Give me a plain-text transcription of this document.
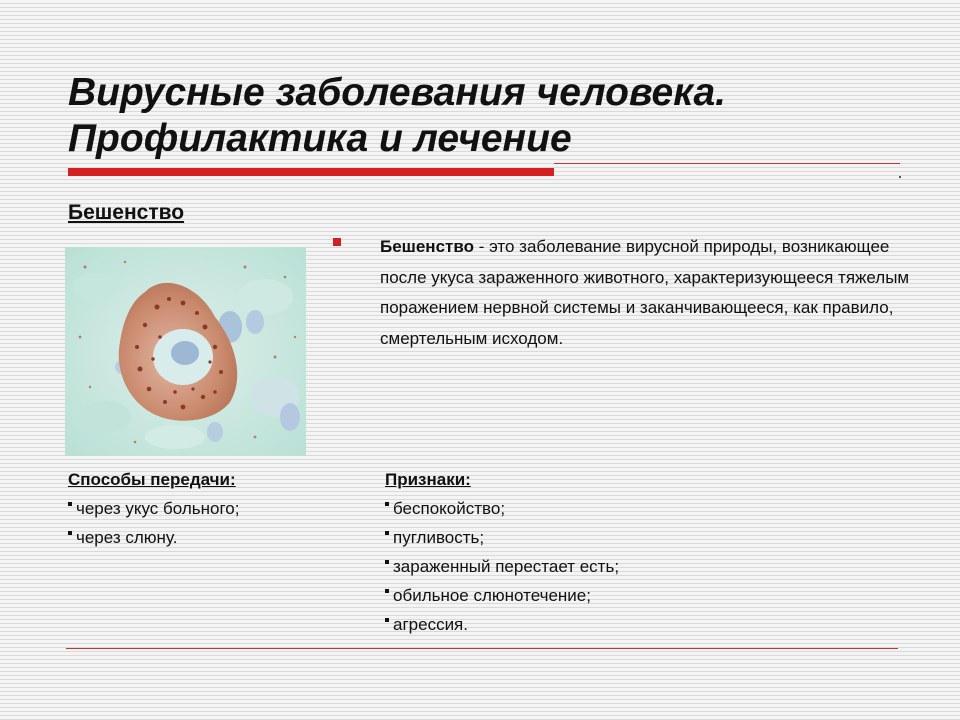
Вирусные заболевания человека.
Профилактика и лечение
Бешенство
Бешенство - это заболевание вирусной природы, возникающее после укуса зараженного животного, характеризующееся тяжелым поражением нервной системы и заканчивающееся, как правило, смертельным исходом.
Способы передачи:
через укус больного;
через слюну.
Признаки:
беспокойство;
пугливость;
зараженный перестает есть;
обильное слюнотечение;
агрессия.
